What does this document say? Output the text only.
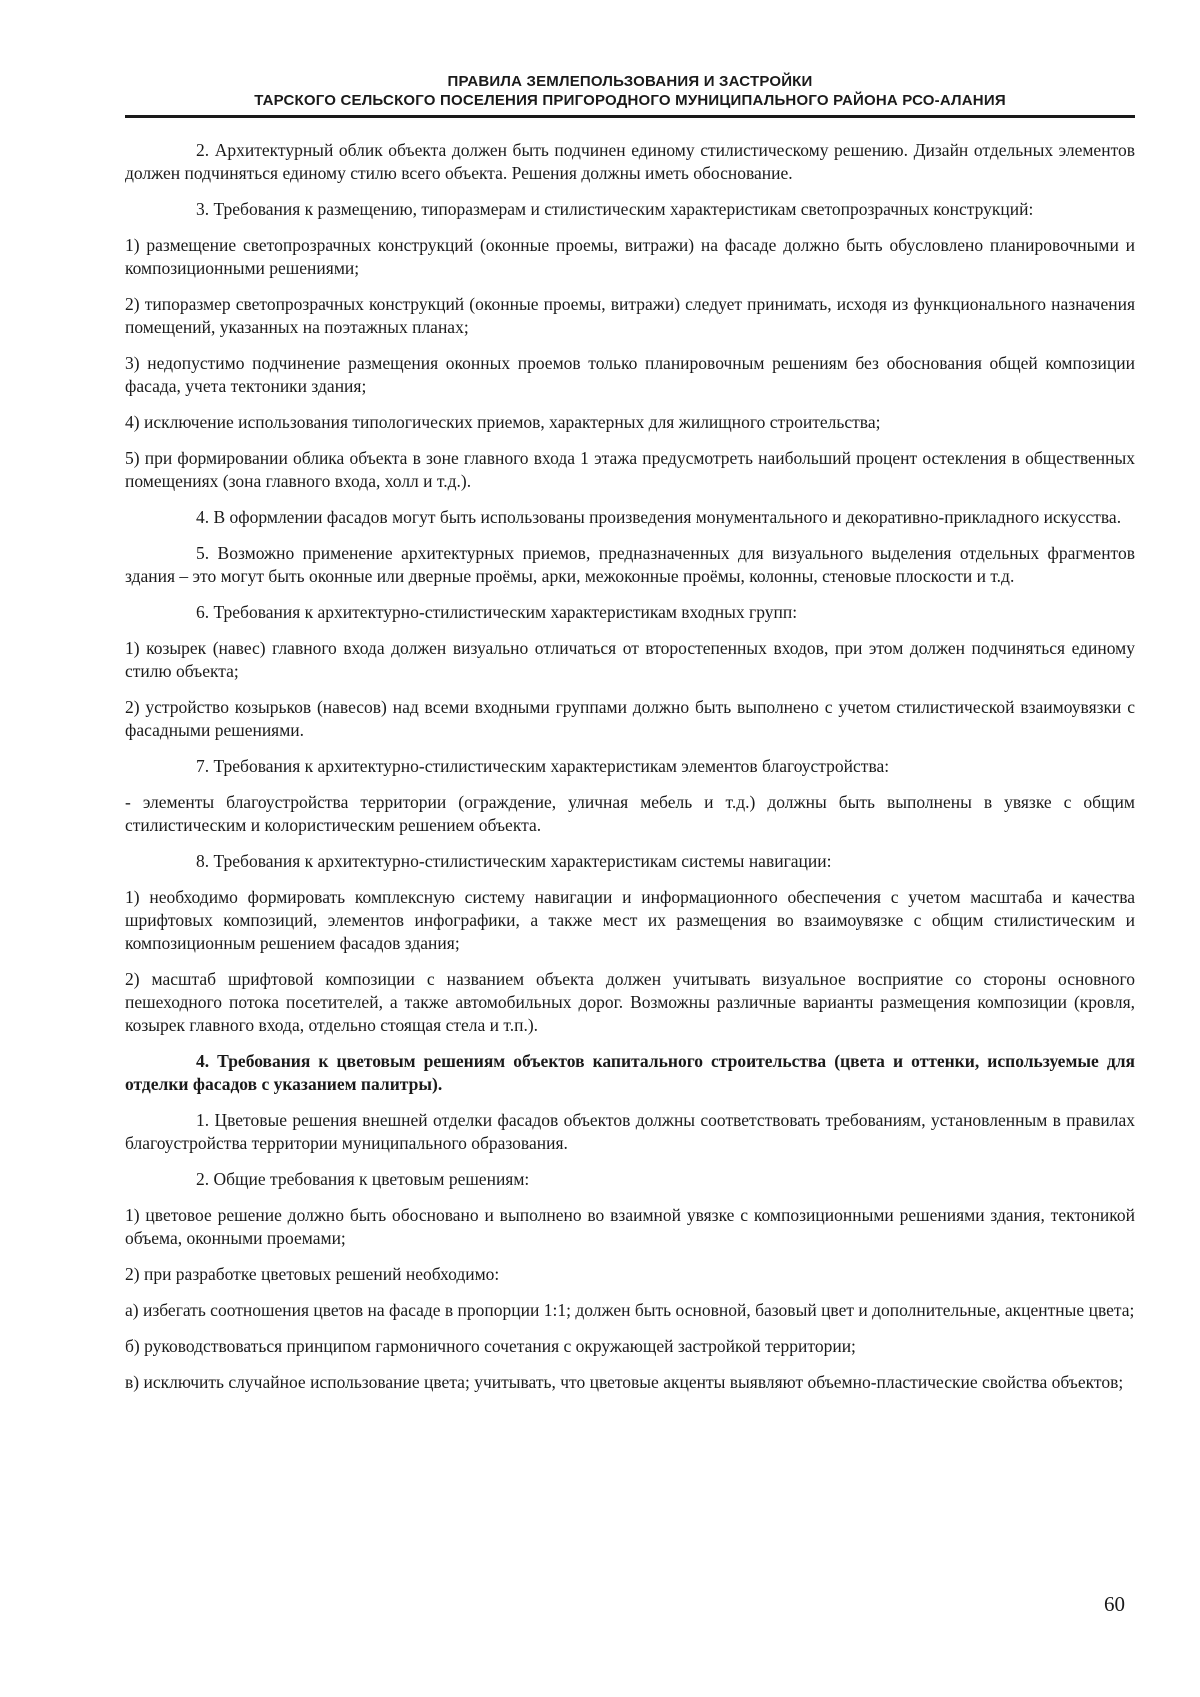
ПРАВИЛА ЗЕМЛЕПОЛЬЗОВАНИЯ И ЗАСТРОЙКИ
ТАРСКОГО СЕЛЬСКОГО ПОСЕЛЕНИЯ ПРИГОРОДНОГО МУНИЦИПАЛЬНОГО РАЙОНА РСО-АЛАНИЯ

2. Архитектурный облик объекта должен быть подчинен единому стилистическому решению. Дизайн отдельных элементов должен подчиняться единому стилю всего объекта. Решения должны иметь обоснование.

3. Требования к размещению, типоразмерам и стилистическим характеристикам светопрозрачных конструкций:

1) размещение светопрозрачных конструкций (оконные проемы, витражи) на фасаде должно быть обусловлено планировочными и композиционными решениями;

2) типоразмер светопрозрачных конструкций (оконные проемы, витражи) следует принимать, исходя из функционального назначения помещений, указанных на поэтажных планах;

3) недопустимо подчинение размещения оконных проемов только планировочным решениям без обоснования общей композиции фасада, учета тектоники здания;

4) исключение использования типологических приемов, характерных для жилищного строительства;

5) при формировании облика объекта в зоне главного входа 1 этажа предусмотреть наибольший процент остекления в общественных помещениях (зона главного входа, холл и т.д.).

4. В оформлении фасадов могут быть использованы произведения монументального и декоративно-прикладного искусства.

5. Возможно применение архитектурных приемов, предназначенных для визуального выделения отдельных фрагментов здания – это могут быть оконные или дверные проёмы, арки, межоконные проёмы, колонны, стеновые плоскости и т.д.

6. Требования к архитектурно-стилистическим характеристикам входных групп:

1) козырек (навес) главного входа должен визуально отличаться от второстепенных входов, при этом должен подчиняться единому стилю объекта;

2) устройство козырьков (навесов) над всеми входными группами должно быть выполнено с учетом стилистической взаимоувязки с фасадными решениями.

7. Требования к архитектурно-стилистическим характеристикам элементов благоустройства:

- элементы благоустройства территории (ограждение, уличная мебель и т.д.) должны быть выполнены в увязке с общим стилистическим и колористическим решением объекта.

8. Требования к архитектурно-стилистическим характеристикам системы навигации:

1) необходимо формировать комплексную систему навигации и информационного обеспечения с учетом масштаба и качества шрифтовых композиций, элементов инфографики, а также мест их размещения во взаимоувязке с общим стилистическим и композиционным решением фасадов здания;

2) масштаб шрифтовой композиции с названием объекта должен учитывать визуальное восприятие со стороны основного пешеходного потока посетителей, а также автомобильных дорог. Возможны различные варианты размещения композиции (кровля, козырек главного входа, отдельно стоящая стела и т.п.).

4. Требования к цветовым решениям объектов капитального строительства (цвета и оттенки, используемые для отделки фасадов с указанием палитры).

1. Цветовые решения внешней отделки фасадов объектов должны соответствовать требованиям, установленным в правилах благоустройства территории муниципального образования.

2. Общие требования к цветовым решениям:

1) цветовое решение должно быть обосновано и выполнено во взаимной увязке с композиционными решениями здания, тектоникой объема, оконными проемами;

2) при разработке цветовых решений необходимо:

а) избегать соотношения цветов на фасаде в пропорции 1:1; должен быть основной, базовый цвет и дополнительные, акцентные цвета;

б) руководствоваться принципом гармоничного сочетания с окружающей застройкой территории;

в) исключить случайное использование цвета; учитывать, что цветовые акценты выявляют объемно-пластические свойства объектов;

60
